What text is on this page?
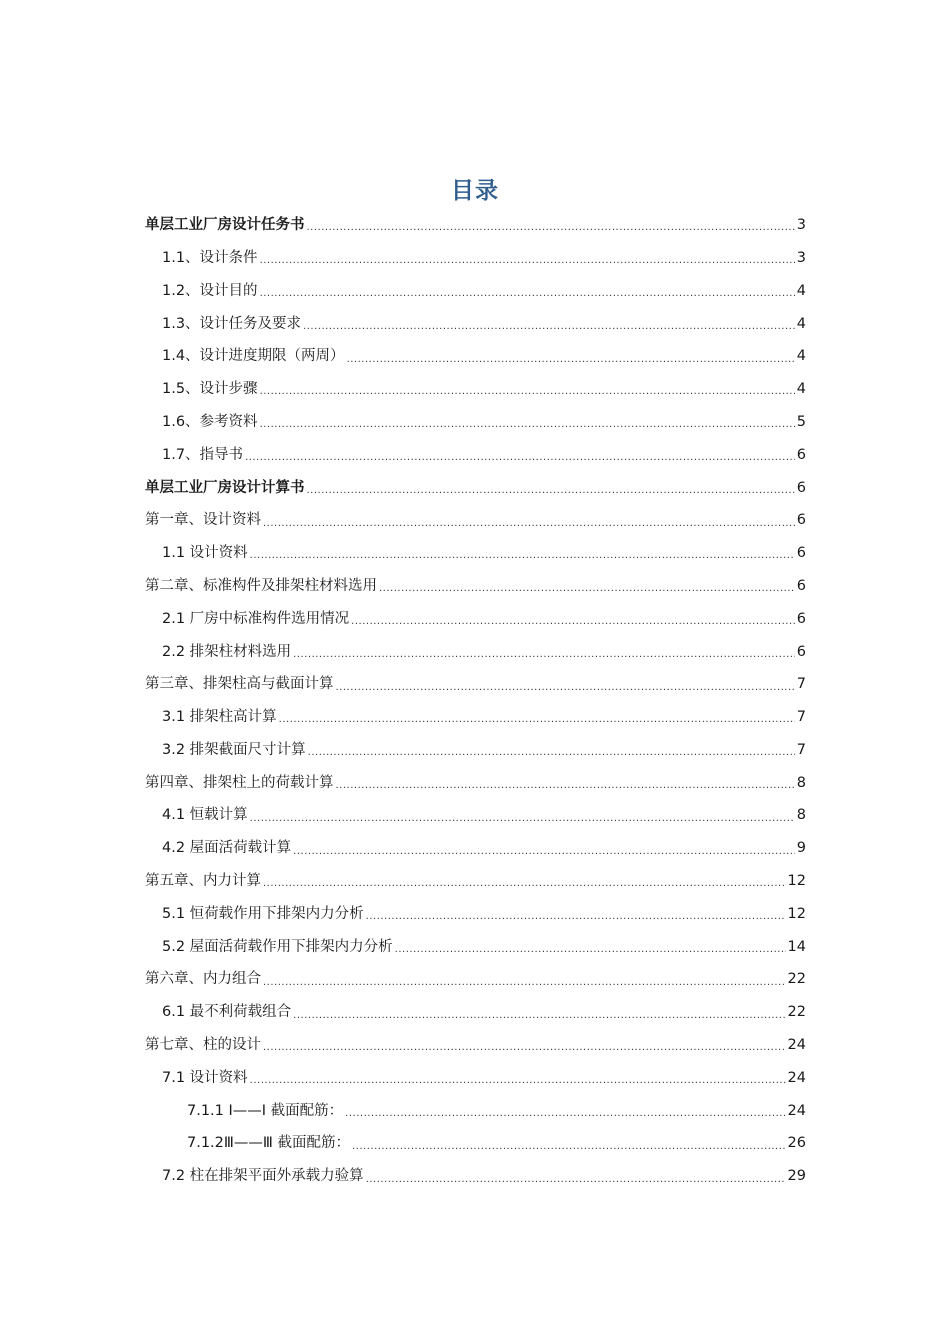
目录
单层工业厂房设计任务书 .....	3
1.1、设计条件 .....	3
1.2、设计目的 .....	4
1.3、设计任务及要求 .....	4
1.4、设计进度期限（两周） .....	4
1.5、设计步骤 .....	4
1.6、参考资料 .....	5
1.7、指导书 .....	6
单层工业厂房设计计算书 .....	6
第一章、设计资料 .....	6
1.1 设计资料 .....	6
第二章、标准构件及排架柱材料选用 .....	6
2.1 厂房中标准构件选用情况 .....	6
2.2 排架柱材料选用 .....	6
第三章、排架柱高与截面计算 .....	7
3.1 排架柱高计算 .....	7
3.2 排架截面尺寸计算 .....	7
第四章、排架柱上的荷载计算 .....	8
4.1 恒载计算 .....	8
4.2 屋面活荷载计算 .....	9
第五章、内力计算 .....	12
5.1 恒荷载作用下排架内力分析 .....	12
5.2 屋面活荷载作用下排架内力分析 .....	14
第六章、内力组合 .....	22
6.1 最不利荷载组合 .....	22
第七章、柱的设计 .....	24
7.1 设计资料 .....	24
7.1.1 Ⅰ——Ⅰ 截面配筋： .....	24
7.1.2Ⅲ——Ⅲ 截面配筋： .....	26
7.2 柱在排架平面外承载力验算 .....	29
